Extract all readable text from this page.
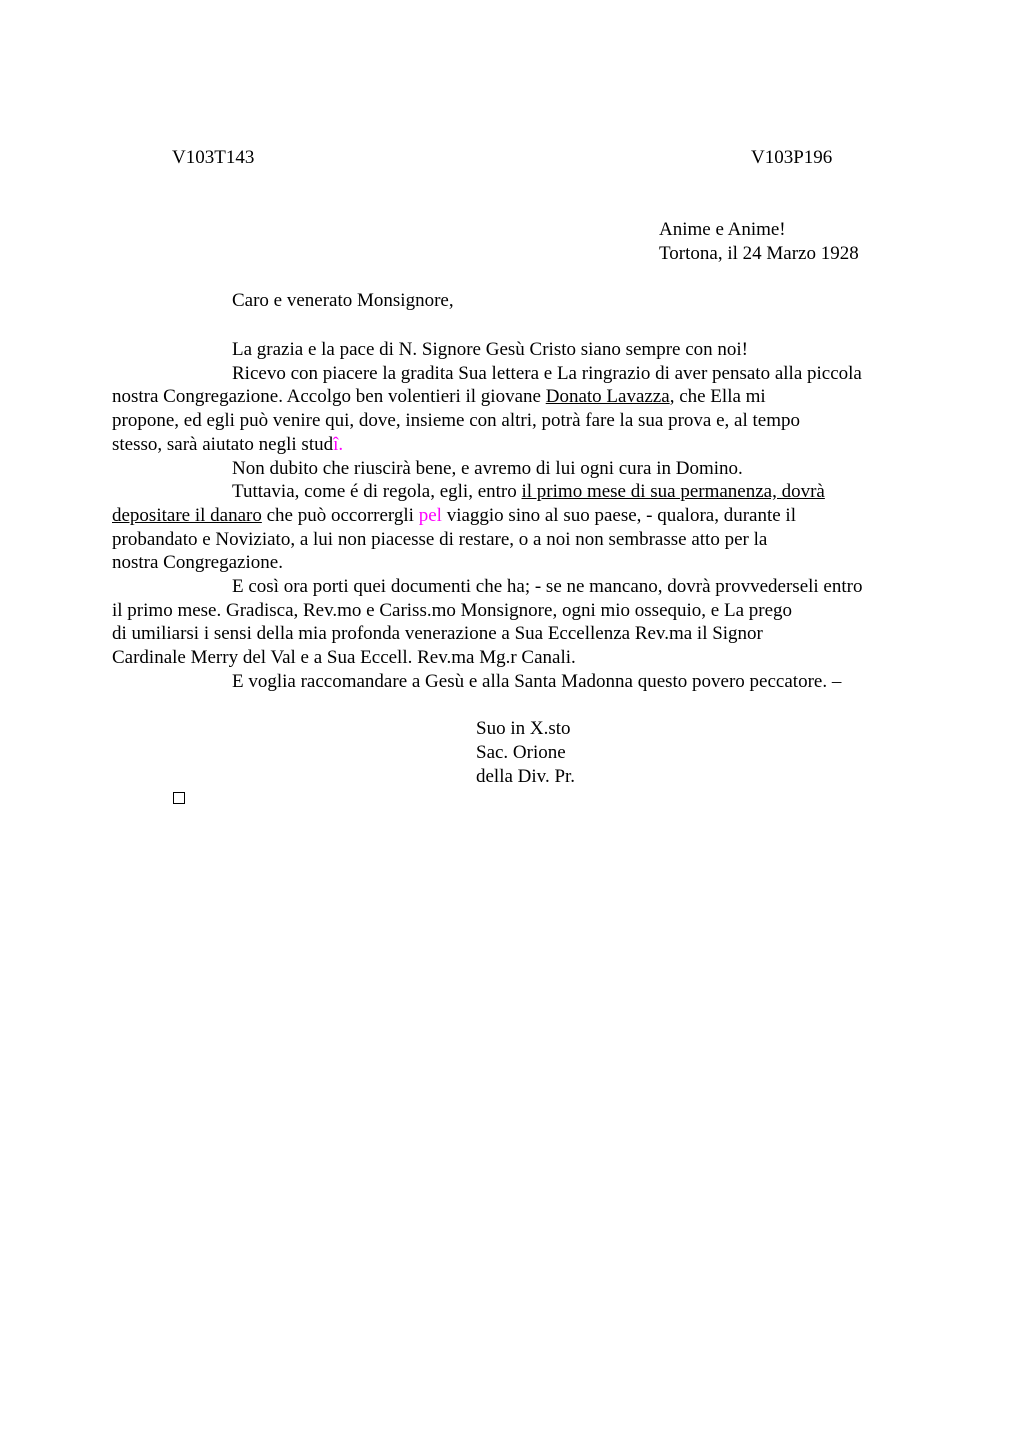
V103T143	V103P196
Anime e Anime!
Tortona, il 24 Marzo 1928
Caro e venerato Monsignore,

La grazia e la pace di N. Signore Gesù Cristo siano sempre con noi!

Ricevo con piacere la gradita Sua lettera e La ringrazio di aver pensato alla piccola
nostra Congregazione. Accolgo ben volentieri il giovane Donato Lavazza, che Ella mi
propone, ed egli può venire qui, dove, insieme con altri, potrà fare la sua prova e, al tempo
stesso, sarà aiutato negli studî.

Non dubito che riuscirà bene, e avremo di lui ogni cura in Domino.

Tuttavia, come é di regola, egli, entro il primo mese di sua permanenza, dovrà
depositare il danaro che può occorrergli pel viaggio sino al suo paese, - qualora, durante il
probandato e Noviziato, a lui non piacesse di restare, o a noi non sembrasse atto per la
nostra Congregazione.

E così ora porti quei documenti che ha; - se ne mancano, dovrà provvederseli entro
il primo mese. Gradisca, Rev.mo e Cariss.mo Monsignore, ogni mio ossequio, e La prego
di umiliarsi i sensi della mia profonda venerazione a Sua Eccellenza Rev.ma il Signor
Cardinale Merry del Val e a Sua Eccell. Rev.ma Mg.r Canali.

E voglia raccomandare a Gesù e alla Santa Madonna questo povero peccatore. –

Suo in X.sto
Sac. Orione
della Div. Pr.
